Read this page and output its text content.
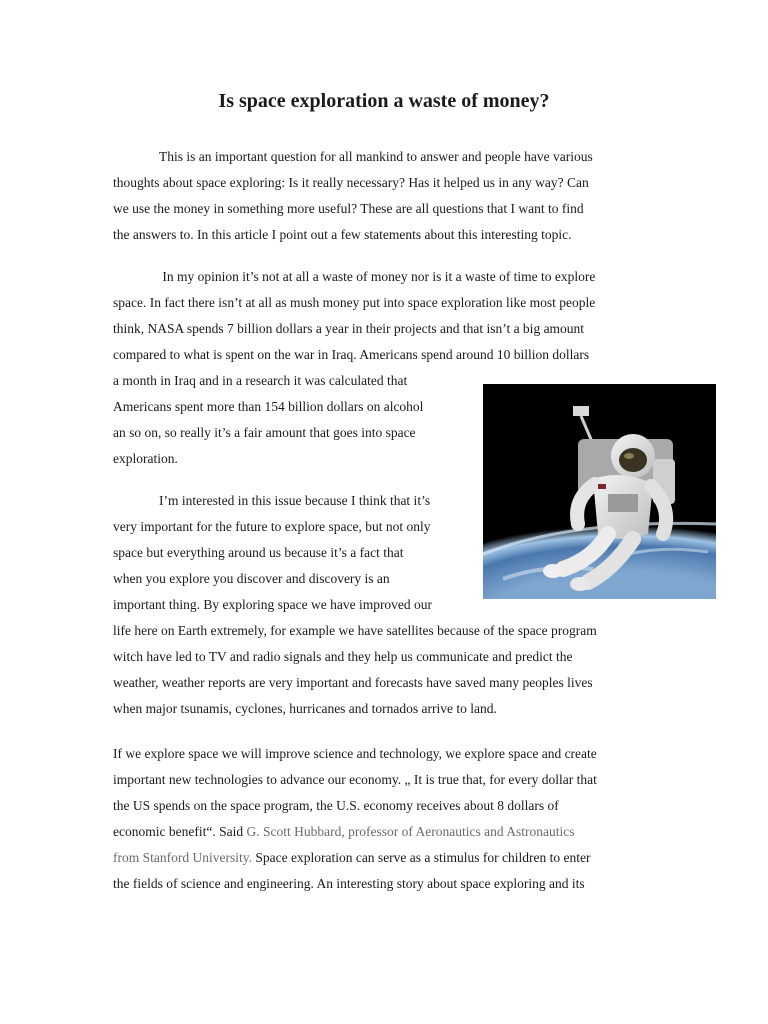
Is space exploration a waste of money?
This is an important question for all mankind to answer and people have various
thoughts about space exploring: Is it really necessary? Has it helped us in any way? Can
we use the money in something more useful? These are all questions that I want to find
the answers to. In this article I point out a few statements about this interesting topic.
In my opinion it’s not at all a waste of money nor is it a waste of time to explore
space. In fact there isn’t at all as mush money put into space exploration like most people
think, NASA spends 7 billion dollars a year in their projects and that isn’t a big amount
compared to what is spent on the war in Iraq. Americans spend around 10 billion dollars
a month in Iraq and in a research it was calculated that
Americans spent more than 154 billion dollars on alcohol
an so on, so really it’s a fair amount that goes into space
exploration.
I’m interested in this issue because I think that it’s
very important for the future to explore space, but not only
space but everything around us because it’s a fact that
when you explore you discover and discovery is an
important thing. By exploring space we have improved our
life here on Earth extremely, for example we have satellites because of the space program
witch have led to TV and radio signals and they help us communicate and predict the
weather, weather reports are very important and forecasts have saved many peoples lives
when major tsunamis, cyclones, hurricanes and tornados arrive to land.
If we explore space we will improve science and technology, we explore space and create
important new technologies to advance our economy. „ It is true that, for every dollar that
the US spends on the space program, the U.S. economy receives about 8 dollars of
economic benefit“. Said G. Scott Hubbard, professor of Aeronautics and Astronautics
from Stanford University. Space exploration can serve as a stimulus for children to enter
the fields of science and engineering. An interesting story about space exploring and its
